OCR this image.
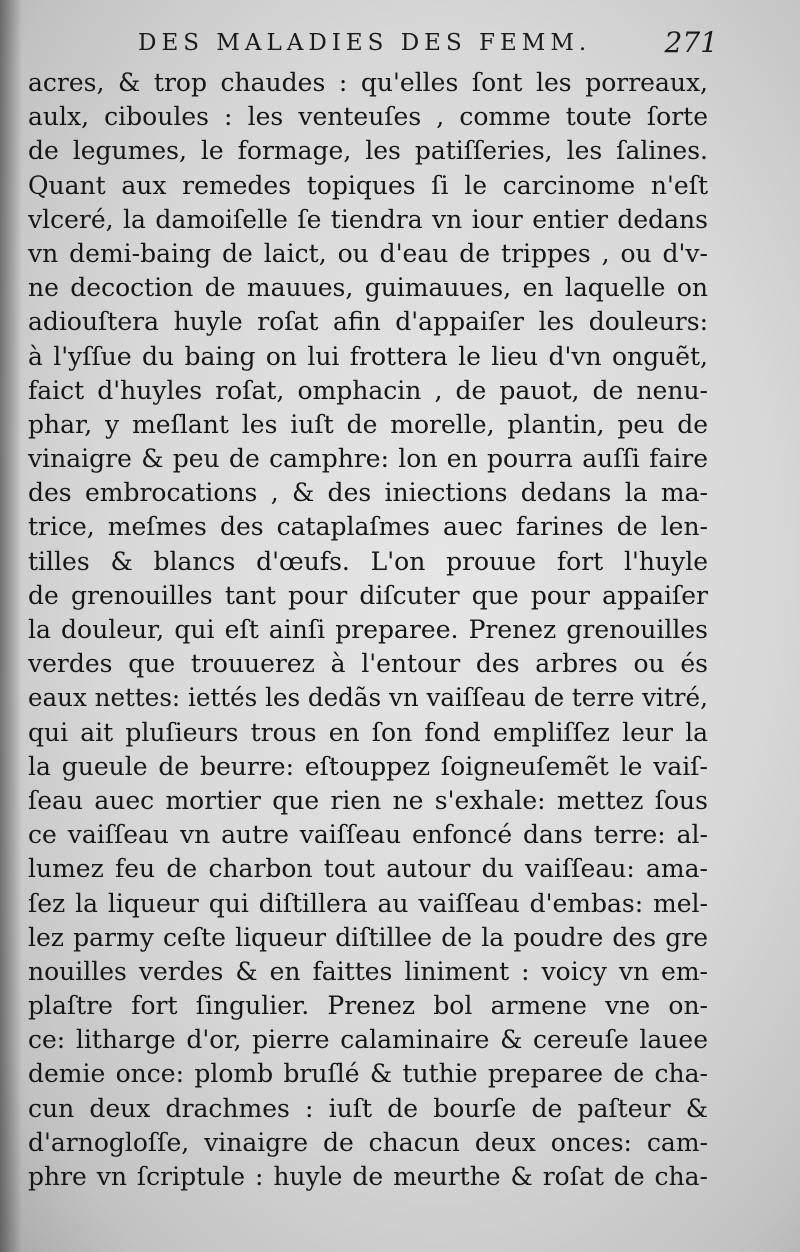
DES MALADIES DES FEMM.	271
acres, & trop chaudes : qu'elles ſont les porreaux,
aulx, ciboules : les venteuſes , comme toute ſorte
de legumes, le formage, les patiſſeries, les ſalines.
Quant aux remedes topiques ſi le carcinome n'eſt
vlceré, la damoiſelle ſe tiendra vn iour entier dedans
vn demi-baing de laict, ou d'eau de trippes , ou d'v-
ne decoction de mauues, guimauues, en laquelle on
adiouſtera huyle roſat afin d'appaiſer les douleurs:
à l'yſſue du baing on lui frottera le lieu d'vn onguẽt,
faict d'huyles roſat, omphacin , de pauot, de nenu-
phar, y meſlant les iuſt de morelle, plantin, peu de
vinaigre & peu de camphre: lon en pourra auſſi faire
des embrocations , & des iniections dedans la ma-
trice, meſmes des cataplaſmes auec farines de len-
tilles & blancs d'œufs. L'on prouue fort l'huyle
de grenouilles tant pour diſcuter que pour appaiſer
la douleur, qui eſt ainſi preparee. Prenez grenouilles
verdes que trouuerez à l'entour des arbres ou és
eaux nettes: iettés les dedãs vn vaiſſeau de terre vitré,
qui ait pluſieurs trous en ſon fond empliſſez leur la
la gueule de beurre: eſtouppez ſoigneuſemẽt le vaiſ-
ſeau auec mortier que rien ne s'exhale: mettez ſous
ce vaiſſeau vn autre vaiſſeau enfoncé dans terre: al-
lumez feu de charbon tout autour du vaiſſeau: ama-
ſez la liqueur qui diſtillera au vaiſſeau d'embas: mel-
lez parmy ceſte liqueur diſtillee de la poudre des gre
nouilles verdes & en faittes liniment : voicy vn em-
plaſtre fort ſingulier. Prenez bol armene vne on-
ce: litharge d'or, pierre calaminaire & cereuſe lauee
demie once: plomb bruſlé & tuthie preparee de cha-
cun deux drachmes : iuſt de bourſe de paſteur &
d'arnogloſſe, vinaigre de chacun deux onces: cam-
phre vn ſcriptule : huyle de meurthe & roſat de cha-
